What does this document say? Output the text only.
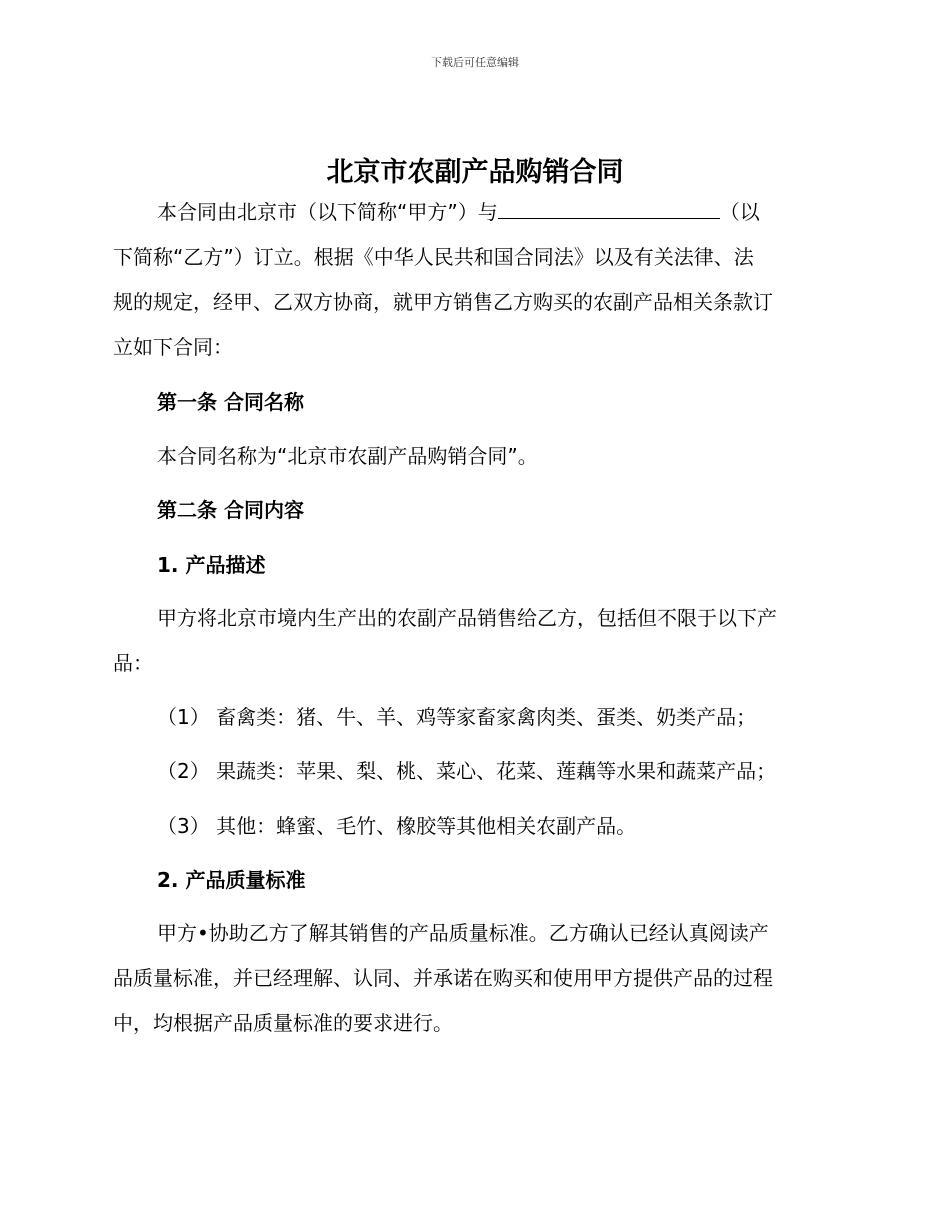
下载后可任意编辑
北京市农副产品购销合同
本合同由北京市（以下简称“甲方”）与	（以
下简称“乙方”）订立。根据《中华人民共和国合同法》以及有关法律、法
规的规定，经甲、乙双方协商，就甲方销售乙方购买的农副产品相关条款订
立如下合同：
第一条 合同名称
本合同名称为“北京市农副产品购销合同”。
第二条 合同内容
1. 产品描述
甲方将北京市境内生产出的农副产品销售给乙方，包括但不限于以下产
品：
（1） 畜禽类：猪、牛、羊、鸡等家畜家禽肉类、蛋类、奶类产品；
（2） 果蔬类：苹果、梨、桃、菜心、花菜、莲藕等水果和蔬菜产品；
（3） 其他：蜂蜜、毛竹、橡胶等其他相关农副产品。
2. 产品质量标准
甲方•协助乙方了解其销售的产品质量标准。乙方确认已经认真阅读产
品质量标准，并已经理解、认同、并承诺在购买和使用甲方提供产品的过程
中，均根据产品质量标准的要求进行。
